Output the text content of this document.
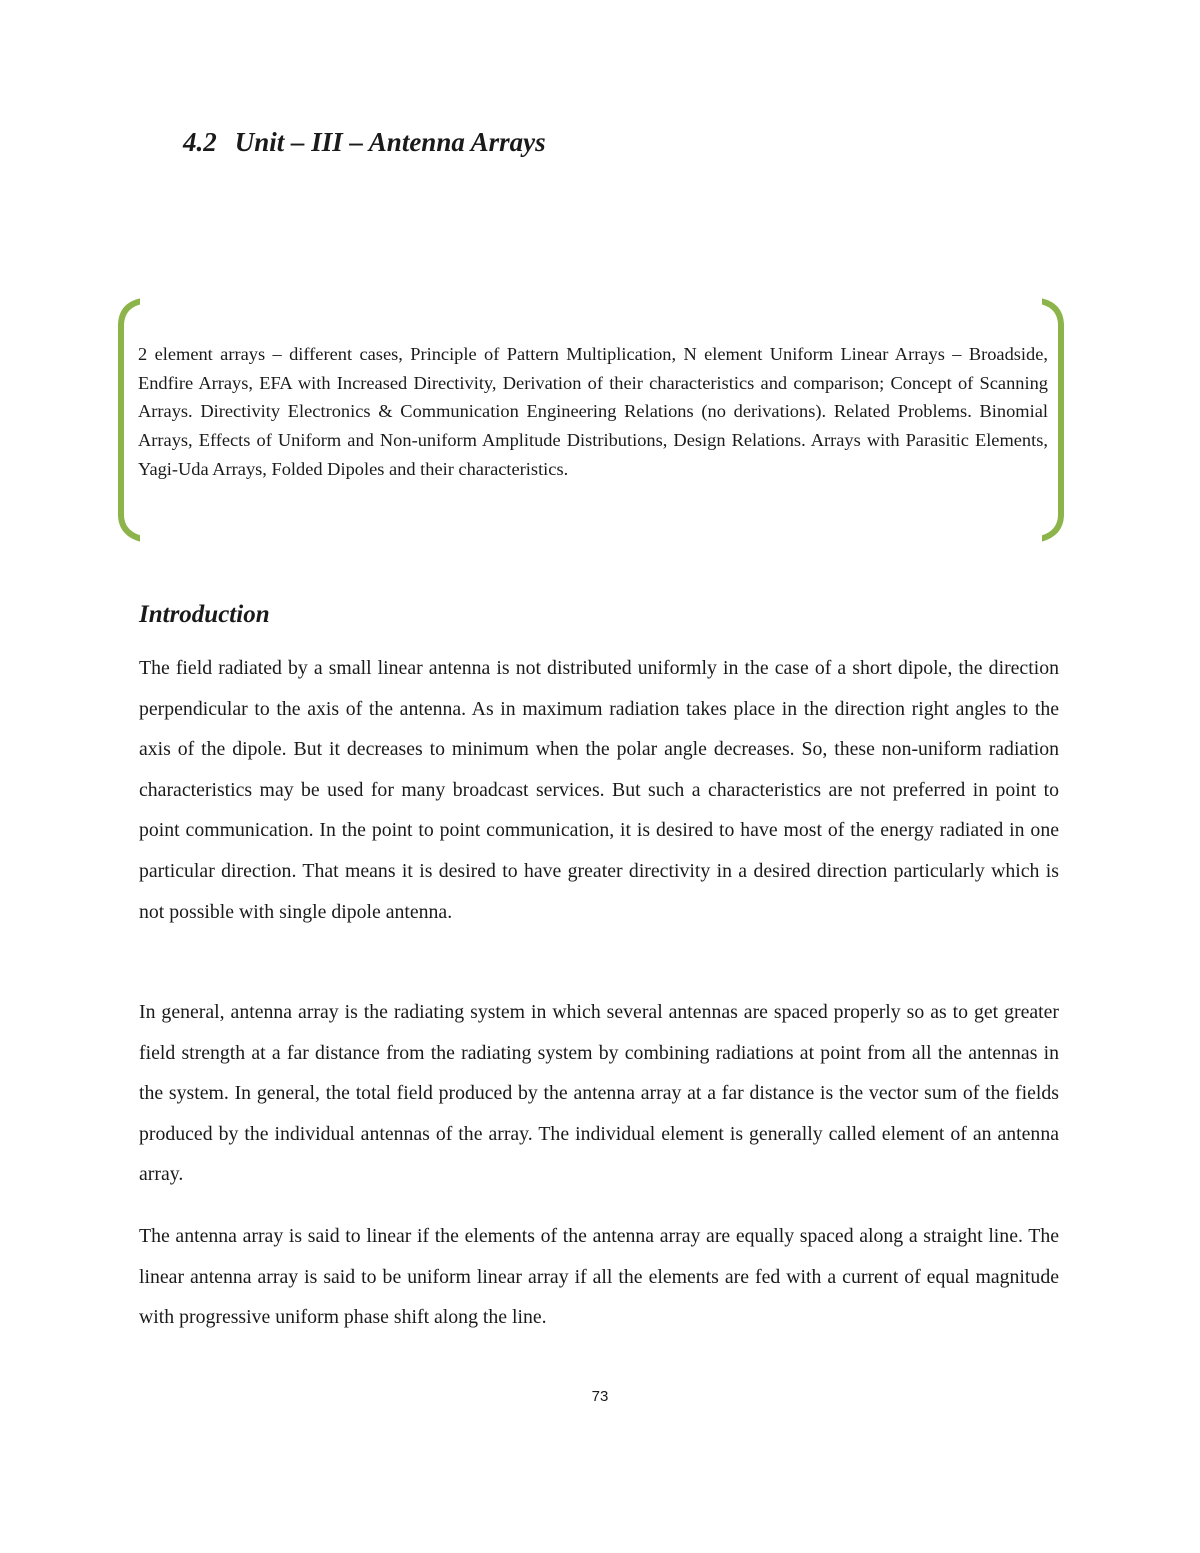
4.2 Unit – III – Antenna Arrays

2 element arrays – different cases, Principle of Pattern Multiplication, N element Uniform Linear Arrays – Broadside, Endfire Arrays, EFA with Increased Directivity, Derivation of their characteristics and comparison; Concept of Scanning Arrays. Directivity Electronics & Communication Engineering Relations (no derivations). Related Problems. Binomial Arrays, Effects of Uniform and Non-uniform Amplitude Distributions, Design Relations. Arrays with Parasitic Elements, Yagi-Uda Arrays, Folded Dipoles and their characteristics.

Introduction

The field radiated by a small linear antenna is not distributed uniformly in the case of a short dipole, the direction perpendicular to the axis of the antenna. As in maximum radiation takes place in the direction right angles to the axis of the dipole. But it decreases to minimum when the polar angle decreases. So, these non-uniform radiation characteristics may be used for many broadcast services. But such a characteristics are not preferred in point to point communication. In the point to point communication, it is desired to have most of the energy radiated in one particular direction. That means it is desired to have greater directivity in a desired direction particularly which is not possible with single dipole antenna.

In general, antenna array is the radiating system in which several antennas are spaced properly so as to get greater field strength at a far distance from the radiating system by combining radiations at point from all the antennas in the system. In general, the total field produced by the antenna array at a far distance is the vector sum of the fields produced by the individual antennas of the array. The individual element is generally called element of an antenna array.

The antenna array is said to linear if the elements of the antenna array are equally spaced along a straight line. The linear antenna array is said to be uniform linear array if all the elements are fed with a current of equal magnitude with progressive uniform phase shift along the line.

73
